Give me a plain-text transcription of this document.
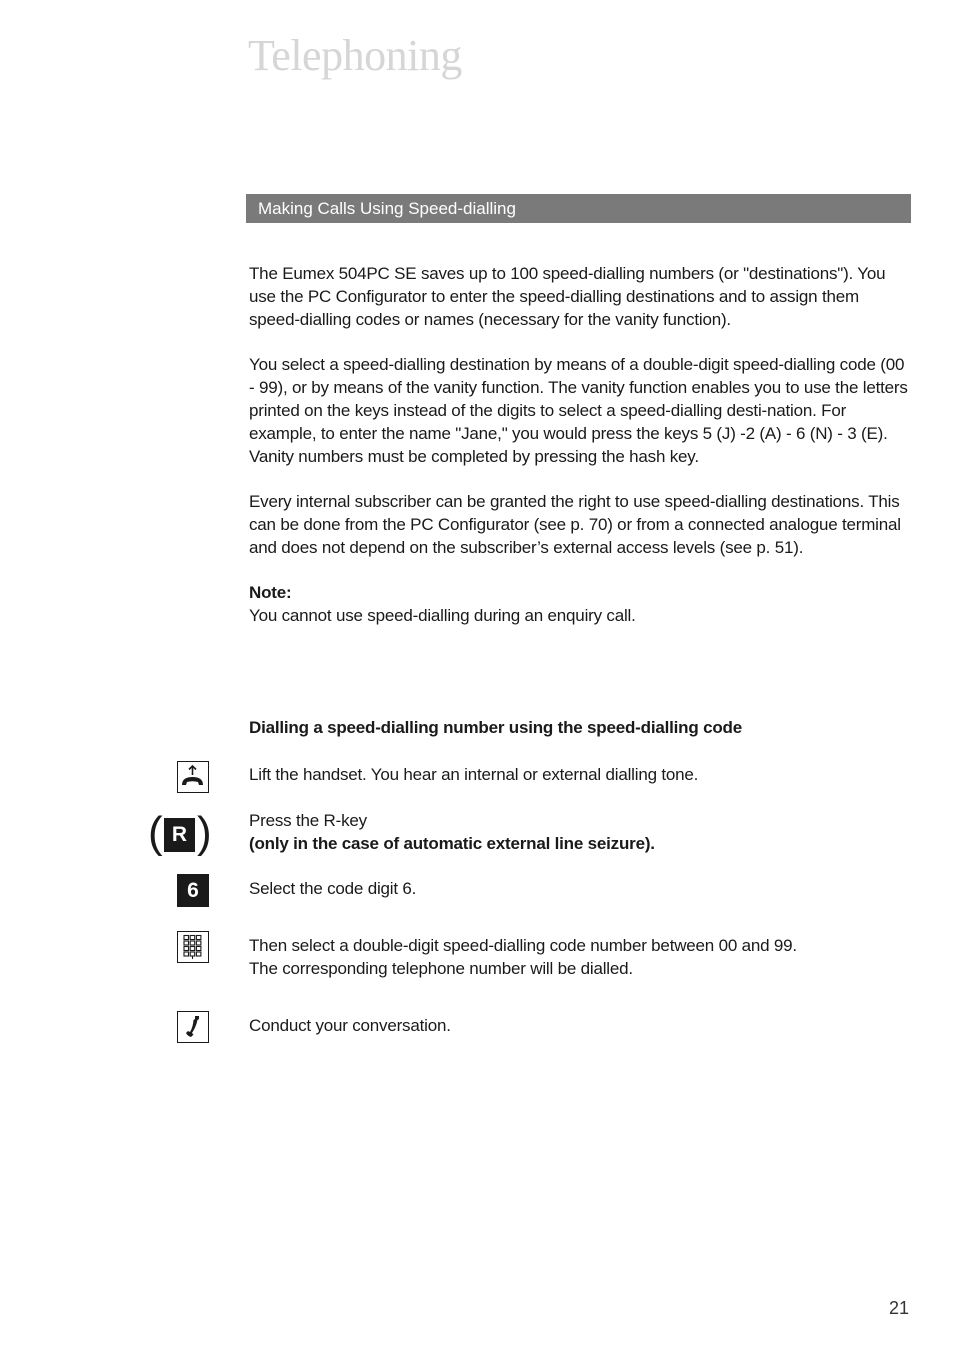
Telephoning
Making Calls Using Speed-dialling

The Eumex 504PC SE saves up to 100 speed-dialling numbers (or "destinations"). You use the PC Configurator to enter the speed-dialling destinations and to assign them speed-dialling codes or names (necessary for the vanity function).

You select a speed-dialling destination by means of a double-digit speed-dialling code (00 - 99), or by means of the vanity function. The vanity function enables you to use the letters printed on the keys instead of the digits to select a speed-dialling desti-nation. For example, to enter the name "Jane," you would press the keys 5 (J) -2 (A) - 6 (N) - 3 (E). Vanity numbers must be completed by pressing the hash key.

Every internal subscriber can be granted the right to use speed-dialling destinations. This can be done from the PC Configurator (see p. 70) or from a connected analogue terminal and does not depend on the subscriber’s external access levels (see p. 51).

Note:
You cannot use speed-dialling during an enquiry call.
Dialling a speed-dialling number using the speed-dialling code
Lift the handset. You hear an internal or external dialling tone.
( R ) Press the R-key
(only in the case of automatic external line seizure).
6	Select the code digit 6.
Then select a double-digit speed-dialling code number between 00 and 99.
The corresponding telephone number will be dialled.
Conduct your conversation.
21
